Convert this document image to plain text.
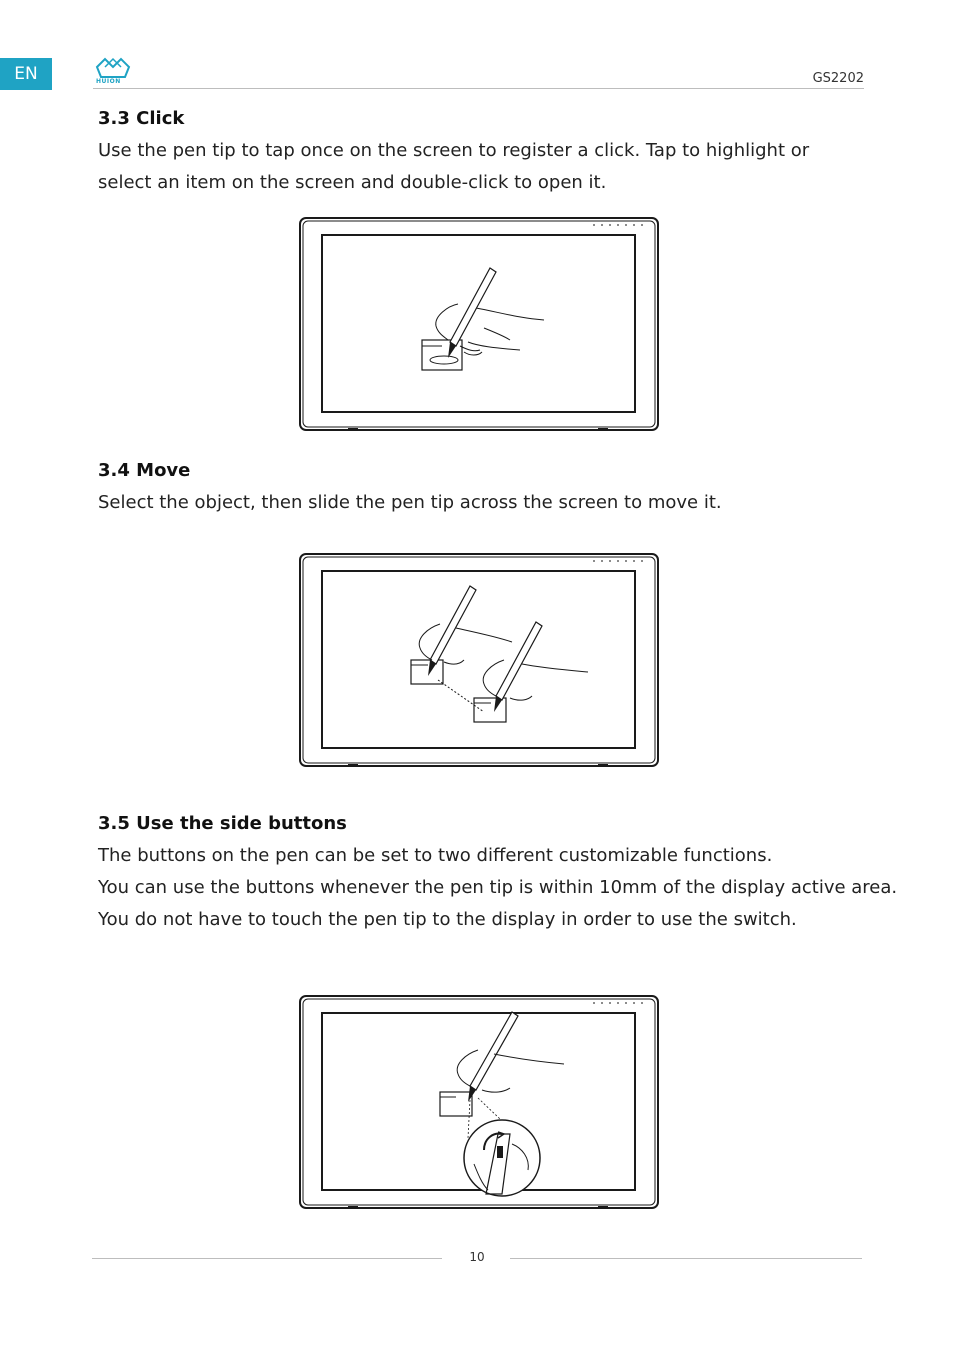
EN	HUION	GS2202
3.3 Click
Use the pen tip to tap once on the screen to register a click. Tap to highlight or
select an item on the screen and double-click to open it.
3.4 Move
Select the object, then slide the pen tip across the screen to move it.
3.5 Use the side buttons
The buttons on the pen can be set to two different customizable functions.
You can use the buttons whenever the pen tip is within 10mm of the display active area.
You do not have to touch the pen tip to the display in order to use the switch.
10
